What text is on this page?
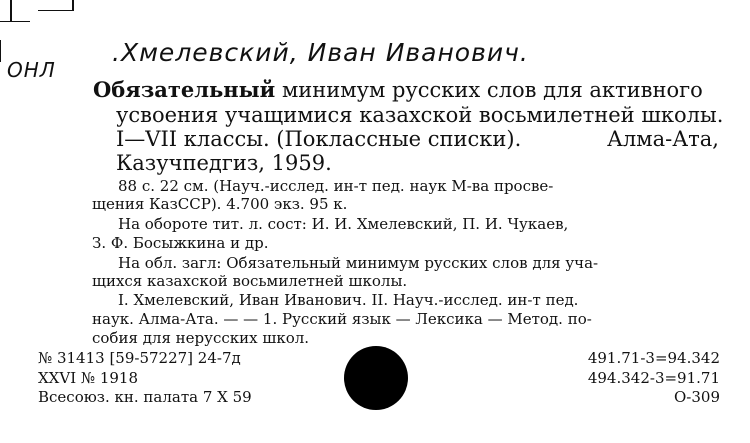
ОНЛ
.Хмелевский, Иван Иванович.
Обязательный минимум русских слов для активного
усвоения учащимися казахской восьмилетней школы.
I—VII классы. (Поклассные списки).	Алма-Ата,
Казучпедгиз, 1959.
88 с. 22 см. (Науч.-исслед. ин-т пед. наук М-ва просве-
щения КазССР). 4.700 экз. 95 к.
На обороте тит. л. сост: И. И. Хмелевский, П. И. Чукаев,
З. Ф. Босыжкина и др.
На обл. загл: Обязательный минимум русских слов для уча-
щихся казахской восьмилетней школы.
I. Хмелевский, Иван Иванович. II. Науч.-исслед. ин-т пед.
наук. Алма-Ата. — — 1. Русский язык — Лексика — Метод. по-
собия для нерусских школ.
№ 31413 [59-57227] 24-7д
XXVI № 1918
Всесоюз. кн. палата 7 X 59
491.71-3=94.342
494.342-3=91.71
О-309
